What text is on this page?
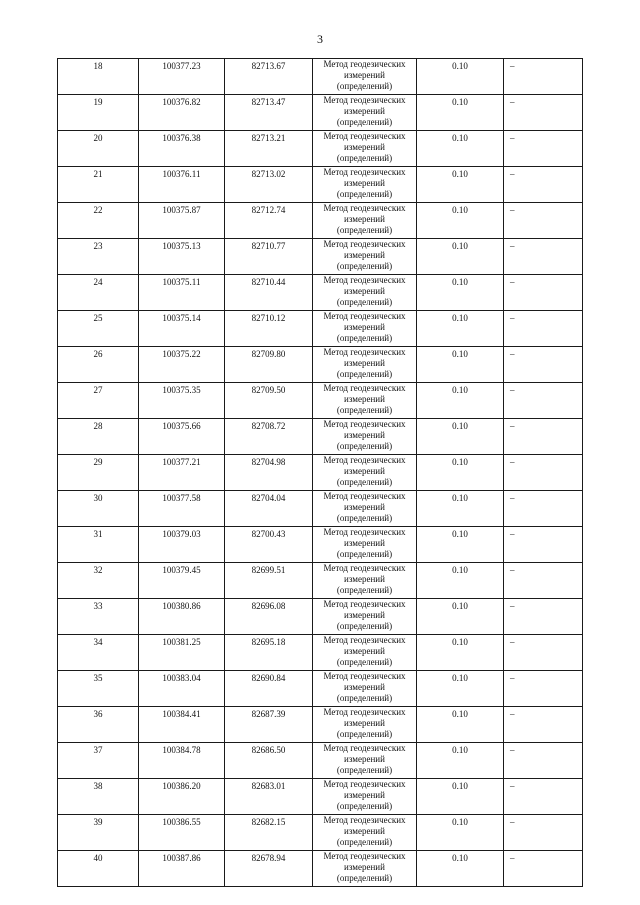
3
18	100377.23	82713.67	Метод геодезических
измерений
(определений)	0.10	–
19	100376.82	82713.47	Метод геодезических
измерений
(определений)	0.10	–
20	100376.38	82713.21	Метод геодезических
измерений
(определений)	0.10	–
21	100376.11	82713.02	Метод геодезических
измерений
(определений)	0.10	–
22	100375.87	82712.74	Метод геодезических
измерений
(определений)	0.10	–
23	100375.13	82710.77	Метод геодезических
измерений
(определений)	0.10	–
24	100375.11	82710.44	Метод геодезических
измерений
(определений)	0.10	–
25	100375.14	82710.12	Метод геодезических
измерений
(определений)	0.10	–
26	100375.22	82709.80	Метод геодезических
измерений
(определений)	0.10	–
27	100375.35	82709.50	Метод геодезических
измерений
(определений)	0.10	–
28	100375.66	82708.72	Метод геодезических
измерений
(определений)	0.10	–
29	100377.21	82704.98	Метод геодезических
измерений
(определений)	0.10	–
30	100377.58	82704.04	Метод геодезических
измерений
(определений)	0.10	–
31	100379.03	82700.43	Метод геодезических
измерений
(определений)	0.10	–
32	100379.45	82699.51	Метод геодезических
измерений
(определений)	0.10	–
33	100380.86	82696.08	Метод геодезических
измерений
(определений)	0.10	–
34	100381.25	82695.18	Метод геодезических
измерений
(определений)	0.10	–
35	100383.04	82690.84	Метод геодезических
измерений
(определений)	0.10	–
36	100384.41	82687.39	Метод геодезических
измерений
(определений)	0.10	–
37	100384.78	82686.50	Метод геодезических
измерений
(определений)	0.10	–
38	100386.20	82683.01	Метод геодезических
измерений
(определений)	0.10	–
39	100386.55	82682.15	Метод геодезических
измерений
(определений)	0.10	–
40	100387.86	82678.94	Метод геодезических
измерений
(определений)	0.10	–
